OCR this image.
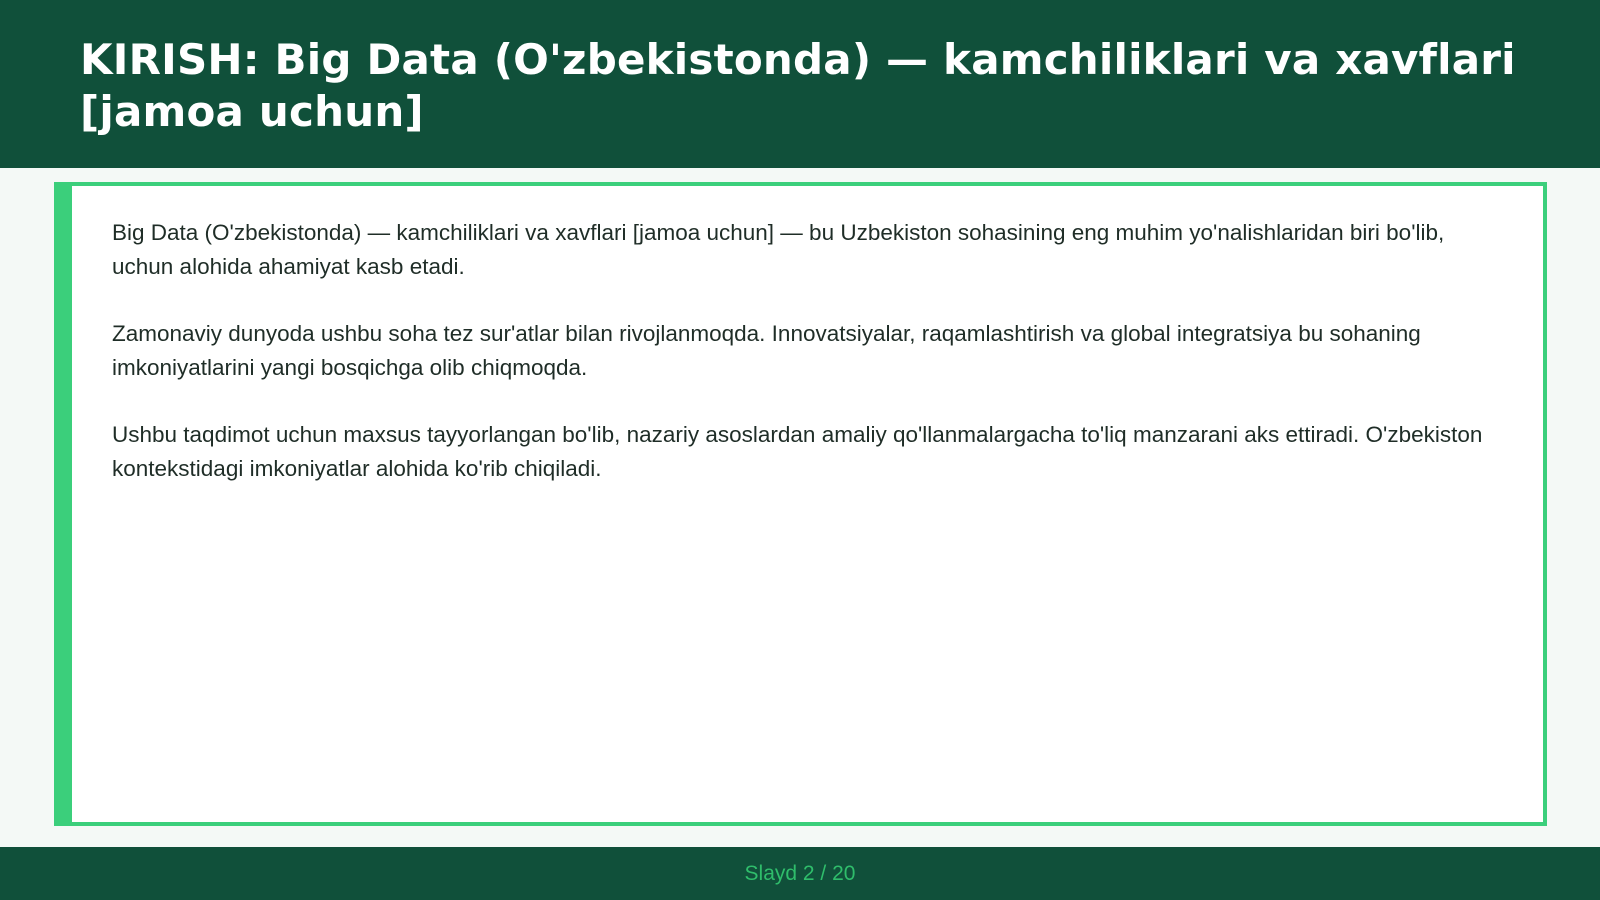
KIRISH: Big Data (O'zbekistonda) — kamchiliklari va xavflari [jamoa uchun]

Big Data (O'zbekistonda) — kamchiliklari va xavflari [jamoa uchun] — bu Uzbekiston sohasining eng muhim yo'nalishlaridan biri bo'lib, uchun alohida ahamiyat kasb etadi.

Zamonaviy dunyoda ushbu soha tez sur'atlar bilan rivojlanmoqda. Innovatsiyalar, raqamlashtirish va global integratsiya bu sohaning imkoniyatlarini yangi bosqichga olib chiqmoqda.

Ushbu taqdimot uchun maxsus tayyorlangan bo'lib, nazariy asoslardan amaliy qo'llanmalargacha to'liq manzarani aks ettiradi. O'zbekiston kontekstidagi imkoniyatlar alohida ko'rib chiqiladi.

Slayd 2 / 20
